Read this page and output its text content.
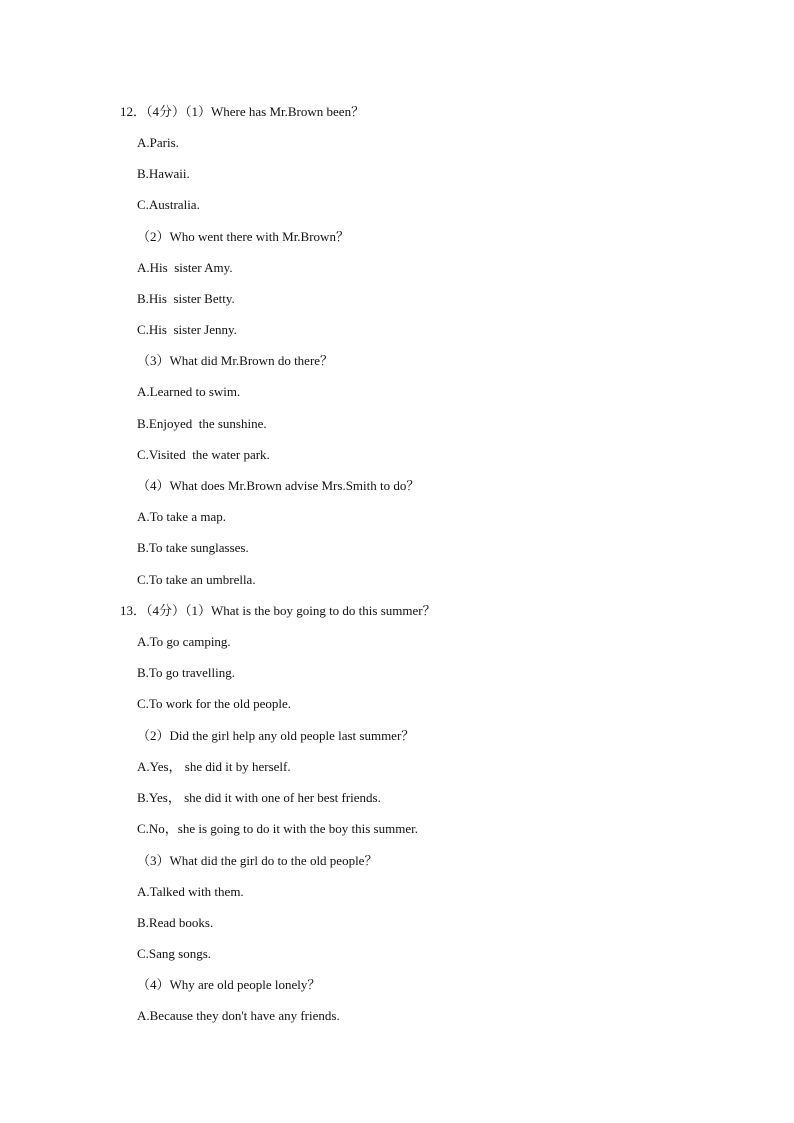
12．（4分）（1）Where has Mr.Brown been？
A.Paris.
B.Hawaii.
C.Australia.
（2）Who went there with Mr.Brown？
A.His  sister Amy.
B.His  sister Betty.
C.His  sister Jenny.
（3）What did Mr.Brown do there？
A.Learned to swim.
B.Enjoyed  the sunshine.
C.Visited  the water park.
（4）What does Mr.Brown advise Mrs.Smith to do？
A.To take a map.
B.To take sunglasses.
C.To take an umbrella.
13．（4分）（1）What is the boy going to do this summer？
A.To go camping.
B.To go travelling.
C.To work for the old people.
（2）Did the girl help any old people last summer？
A.Yes， she did it by herself.
B.Yes， she did it with one of her best friends.
C.No，she is going to do it with the boy this summer.
（3）What did the girl do to the old people？
A.Talked with them.
B.Read books.
C.Sang songs.
（4）Why are old people lonely？
A.Because they don't have any friends.
